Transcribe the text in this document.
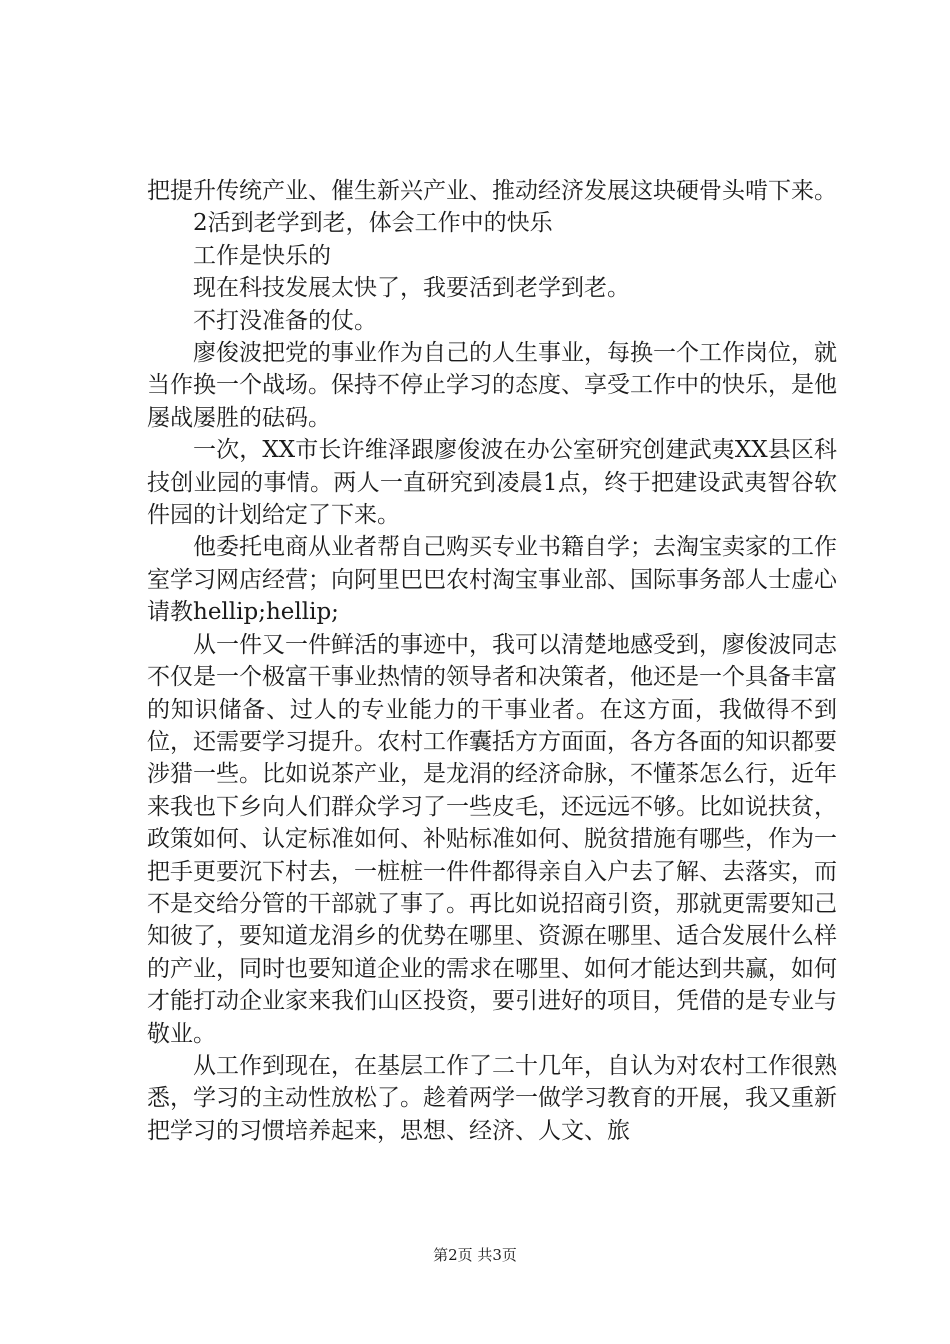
把提升传统产业、催生新兴产业、推动经济发展这块硬骨头啃下来。

2活到老学到老，体会工作中的快乐

工作是快乐的

现在科技发展太快了，我要活到老学到老。

不打没准备的仗。

廖俊波把党的事业作为自己的人生事业，每换一个工作岗位，就当作换一个战场。保持不停止学习的态度、享受工作中的快乐，是他屡战屡胜的砝码。

一次，XX市长许维泽跟廖俊波在办公室研究创建武夷XX县区科技创业园的事情。两人一直研究到凌晨1点，终于把建设武夷智谷软件园的计划给定了下来。

他委托电商从业者帮自己购买专业书籍自学；去淘宝卖家的工作室学习网店经营；向阿里巴巴农村淘宝事业部、国际事务部人士虚心请教hellip;hellip;

从一件又一件鲜活的事迹中，我可以清楚地感受到，廖俊波同志不仅是一个极富干事业热情的领导者和决策者，他还是一个具备丰富的知识储备、过人的专业能力的干事业者。在这方面，我做得不到位，还需要学习提升。农村工作囊括方方面面，各方各面的知识都要涉猎一些。比如说茶产业，是龙涓的经济命脉，不懂茶怎么行，近年来我也下乡向人们群众学习了一些皮毛，还远远不够。比如说扶贫，政策如何、认定标准如何、补贴标准如何、脱贫措施有哪些，作为一把手更要沉下村去，一桩桩一件件都得亲自入户去了解、去落实，而不是交给分管的干部就了事了。再比如说招商引资，那就更需要知己知彼了，要知道龙涓乡的优势在哪里、资源在哪里、适合发展什么样的产业，同时也要知道企业的需求在哪里、如何才能达到共赢，如何才能打动企业家来我们山区投资，要引进好的项目，凭借的是专业与敬业。

从工作到现在，在基层工作了二十几年，自认为对农村工作很熟悉，学习的主动性放松了。趁着两学一做学习教育的开展，我又重新把学习的习惯培养起来，思想、经济、人文、旅

第2页 共3页
